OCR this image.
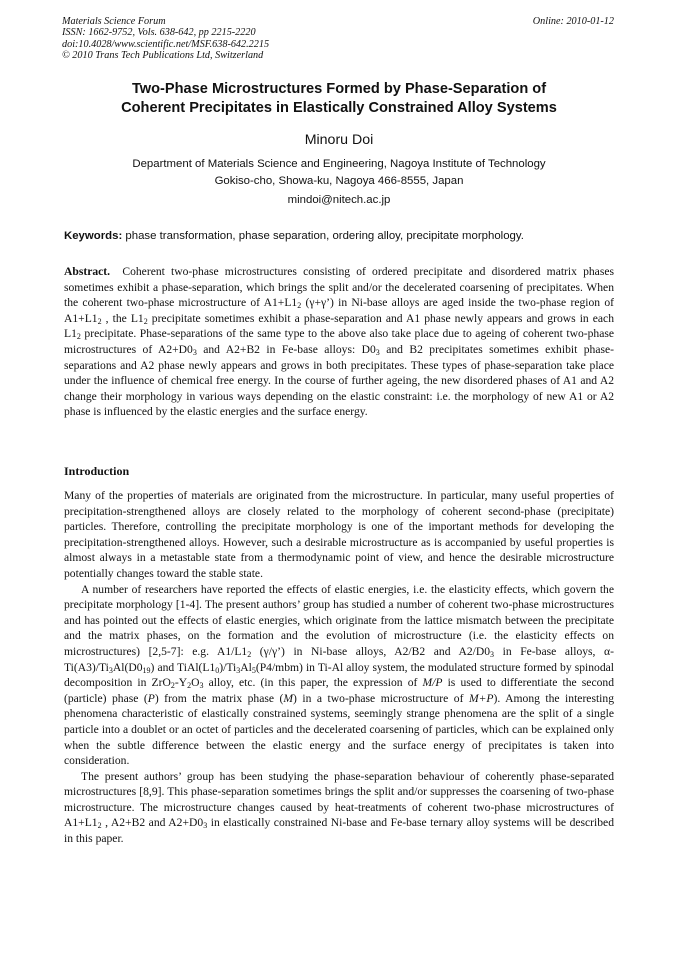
Materials Science Forum
ISSN: 1662-9752, Vols. 638-642, pp 2215-2220
doi:10.4028/www.scientific.net/MSF.638-642.2215
© 2010 Trans Tech Publications Ltd, Switzerland
Online: 2010-01-12
Two-Phase Microstructures Formed by Phase-Separation of
Coherent Precipitates in Elastically Constrained Alloy Systems

Minoru Doi

Department of Materials Science and Engineering, Nagoya Institute of Technology
Gokiso-cho, Showa-ku, Nagoya 466-8555, Japan
mindoi@nitech.ac.jp
Keywords: phase transformation, phase separation, ordering alloy, precipitate morphology.

Abstract. Coherent two-phase microstructures consisting of ordered precipitate and disordered matrix phases sometimes exhibit a phase-separation, which brings the split and/or the decelerated coarsening of precipitates. When the coherent two-phase microstructure of $A1+L1_2$ (γ+γ’) in Ni-base alloys are aged inside the two-phase region of $A1+L1_2$ , the $L1_2$ precipitate sometimes exhibit a phase-separation and A1 phase newly appears and grows in each $L1_2$ precipitate. Phase-separations of the same type to the above also take place due to ageing of coherent two-phase microstructures of $A2+D0_3$ and A2+B2 in Fe-base alloys: $D0_3$ and B2 precipitates sometimes exhibit phase-separations and A2 phase newly appears and grows in both precipitates. These types of phase-separation take place under the influence of chemical free energy. In the course of further ageing, the new disordered phases of A1 and A2 change their morphology in various ways depending on the elastic constraint: i.e. the morphology of new A1 or A2 phase is influenced by the elastic energies and the surface energy.

Introduction

Many of the properties of materials are originated from the microstructure. In particular, many useful properties of precipitation-strengthened alloys are closely related to the morphology of coherent second-phase (precipitate) particles. Therefore, controlling the precipitate morphology is one of the important methods for developing the precipitation-strengthened alloys. However, such a desirable microstructure as is accompanied by useful properties is almost always in a metastable state from a thermodynamic point of view, and hence the desirable microstructure potentially changes toward the stable state.

A number of researchers have reported the effects of elastic energies, i.e. the elasticity effects, which govern the precipitate morphology [1-4]. The present authors’ group has studied a number of coherent two-phase microstructures and has pointed out the effects of elastic energies, which originate from the lattice mismatch between the precipitate and the matrix phases, on the formation and the evolution of microstructure (i.e. the elasticity effects on microstructures) [2,5-7]: e.g. $A1/L1_2$ (γ/γ’) in Ni-base alloys, A2/B2 and $A2/D0_3$ in Fe-base alloys, $\alpha-Ti(A3)/Ti_3Al(D0_{19})$ and $TiAl(L1_0)/Ti_3Al_5(P4/mbm)$ in Ti-Al alloy system, the modulated structure formed by spinodal decomposition in $ZrO_2-Y_2O_3$ alloy, etc. (in this paper, the expression of M/P is used to differentiate the second (particle) phase (P) from the matrix phase (M) in a two-phase microstructure of M+P). Among the interesting phenomena characteristic of elastically constrained systems, seemingly strange phenomena are the split of a single particle into a doublet or an octet of particles and the decelerated coarsening of particles, which can be explained only when the subtle difference between the elastic energy and the surface energy of precipitates is taken into consideration.

The present authors’ group has been studying the phase-separation behaviour of coherently phase-separated microstructures [8,9]. This phase-separation sometimes brings the split and/or suppresses the coarsening of two-phase microstructure. The microstructure changes caused by heat-treatments of coherent two-phase microstructures of $A1+L1_2$ , A2+B2 and $A2+D0_3$ in elastically constrained Ni-base and Fe-base ternary alloy systems will be described in this paper.
